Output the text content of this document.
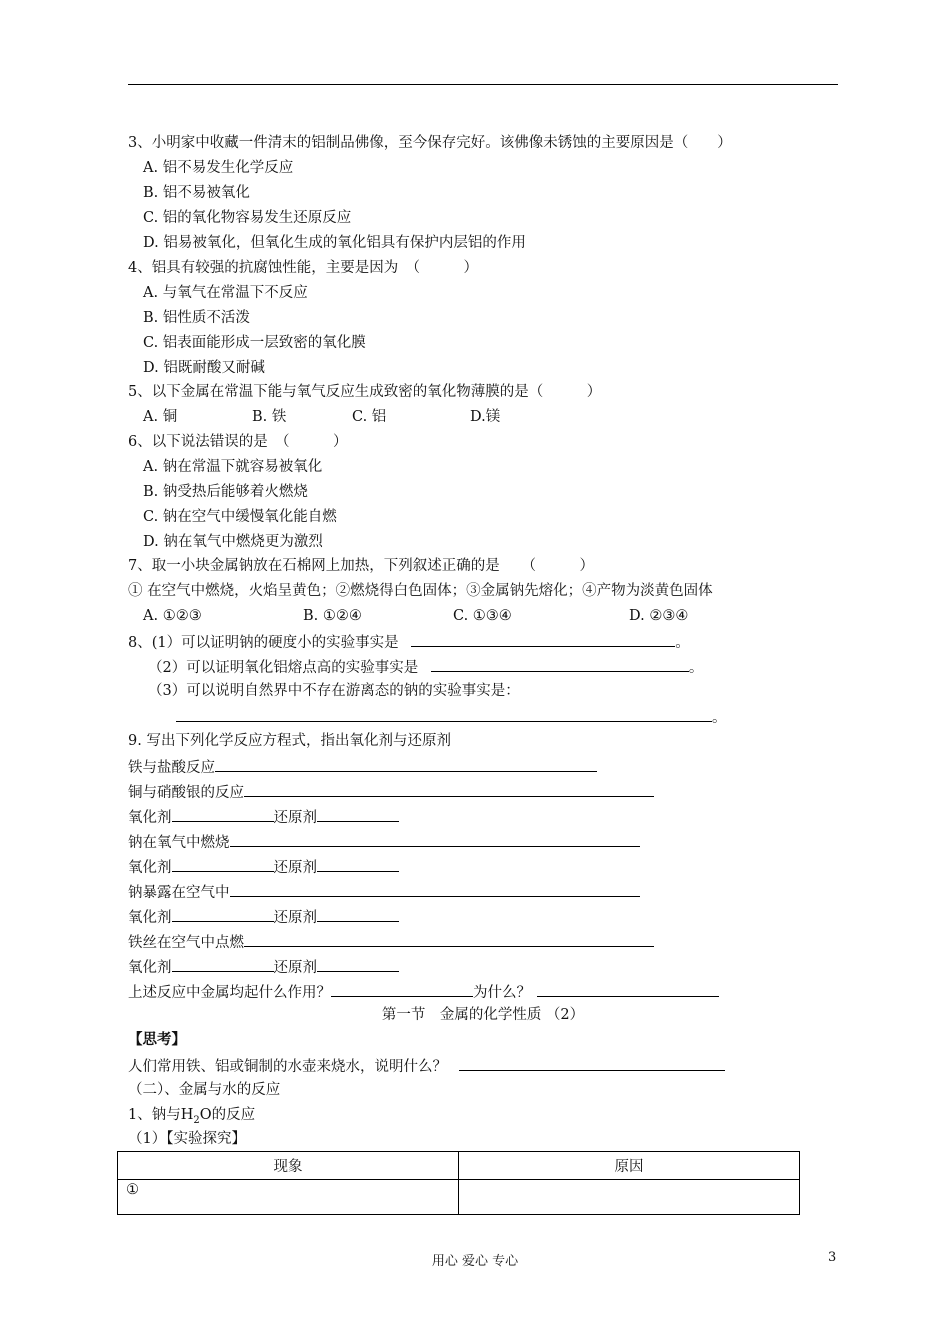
3、小明家中收藏一件清末的铝制品佛像，至今保存完好。该佛像未锈蚀的主要原因是（　　）
A. 铝不易发生化学反应
B. 铝不易被氧化
C. 铝的氧化物容易发生还原反应
D. 铝易被氧化，但氧化生成的氧化铝具有保护内层铝的作用
4、铝具有较强的抗腐蚀性能，主要是因为　（　　　）
A. 与氧气在常温下不反应
B. 铝性质不活泼
C. 铝表面能形成一层致密的氧化膜
D. 铝既耐酸又耐碱
5、以下金属在常温下能与氧气反应生成致密的氧化物薄膜的是（　　　）
A. 铜	B. 铁	C. 铝	D.镁
6、以下说法错误的是　（　　　）
A. 钠在常温下就容易被氧化
B. 钠受热后能够着火燃烧
C. 钠在空气中缓慢氧化能自燃
D. 钠在氧气中燃烧更为激烈
7、取一小块金属钠放在石棉网上加热，下列叙述正确的是　　（　　　）
① 在空气中燃烧，火焰呈黄色；②燃烧得白色固体；③金属钠先熔化；④产物为淡黄色固体
A. ①②③	B. ①②④	C. ①③④	D. ②③④
8、(1）可以证明钠的硬度小的实验事实是	。
（2）可以证明氧化铝熔点高的实验事实是	。
（3）可以说明自然界中不存在游离态的钠的实验事实是：
。
9. 写出下列化学反应方程式，指出氧化剂与还原剂
铁与盐酸反应
铜与硝酸银的反应
氧化剂	还原剂
钠在氧气中燃烧
氧化剂	还原剂
钠暴露在空气中
氧化剂	还原剂
铁丝在空气中点燃
氧化剂	还原剂
上述反应中金属均起什么作用？	为什么？
第一节　金属的化学性质 （2）
【思考】
人们常用铁、铝或铜制的水壶来烧水，说明什么？
（二）、金属与水的反应
1、钠与$H_2O$的反应
（1）【实验探究】
现象	原因
①	
用心 爱心 专心	3
